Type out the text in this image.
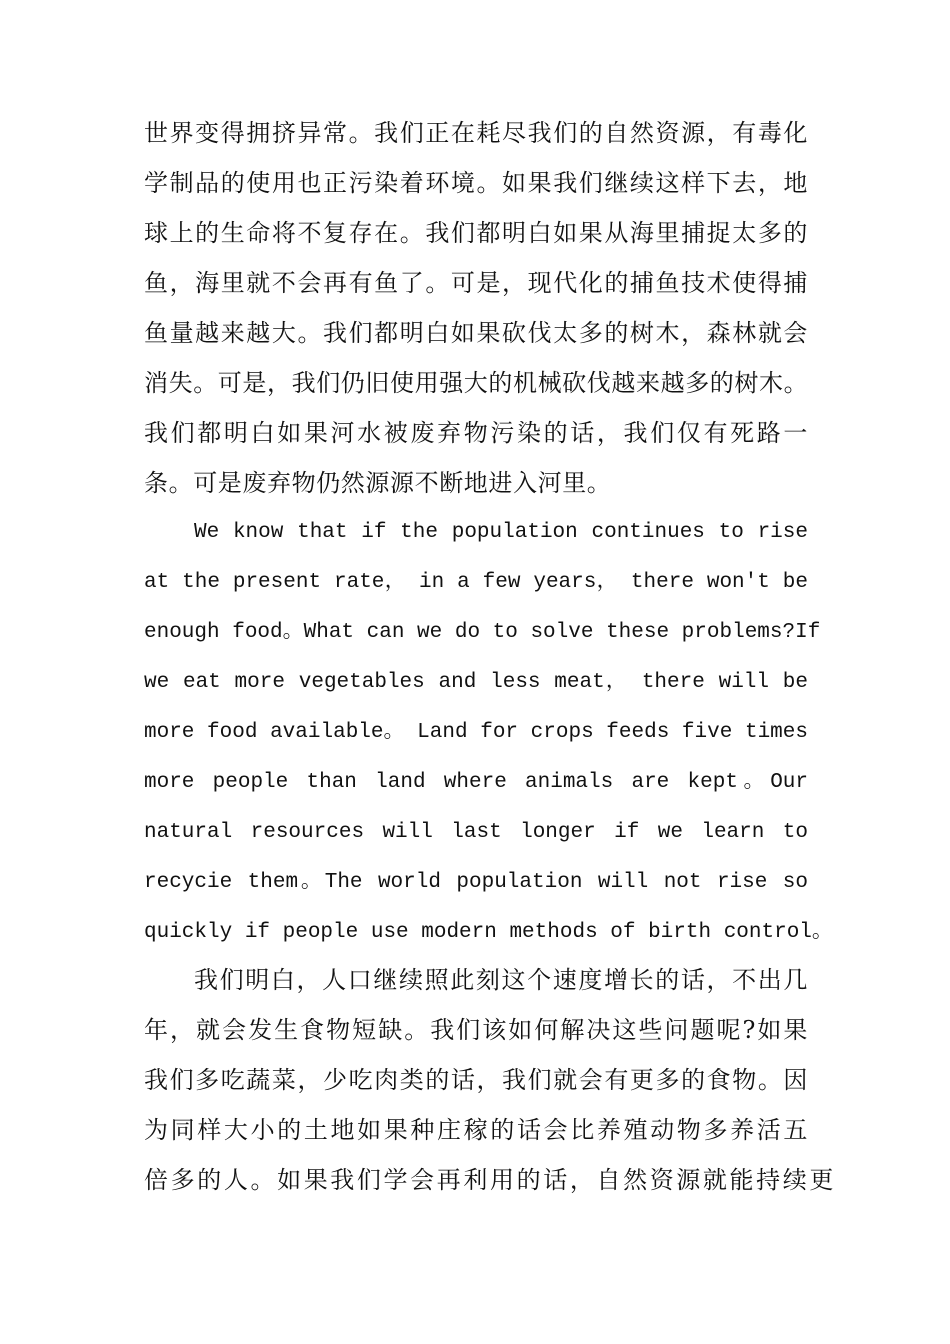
世界变得拥挤异常。我们正在耗尽我们的自然资源，有毒化
学制品的使用也正污染着环境。如果我们继续这样下去，地
球上的生命将不复存在。我们都明白如果从海里捕捉太多的
鱼，海里就不会再有鱼了。可是，现代化的捕鱼技术使得捕
鱼量越来越大。我们都明白如果砍伐太多的树木，森林就会
消失。可是，我们仍旧使用强大的机械砍伐越来越多的树木。
我们都明白如果河水被废弃物污染的话，我们仅有死路一
条。可是废弃物仍然源源不断地进入河里。
We know that if the population continues to rise
at the present rate， in a few years， there won′t be
enough food。What can we do to solve these problems?If
we eat more vegetables and less meat， there will be
more food available。 Land for crops feeds five times
more people than land where animals are kept。Our
natural resources will last longer if we learn to
recycie them。The world population will not rise so
quickly if people use modern methods of birth control。
我们明白，人口继续照此刻这个速度增长的话，不出几
年，就会发生食物短缺。我们该如何解决这些问题呢?如果
我们多吃蔬菜，少吃肉类的话，我们就会有更多的食物。因
为同样大小的土地如果种庄稼的话会比养殖动物多养活五
倍多的人。如果我们学会再利用的话，自然资源就能持续更
